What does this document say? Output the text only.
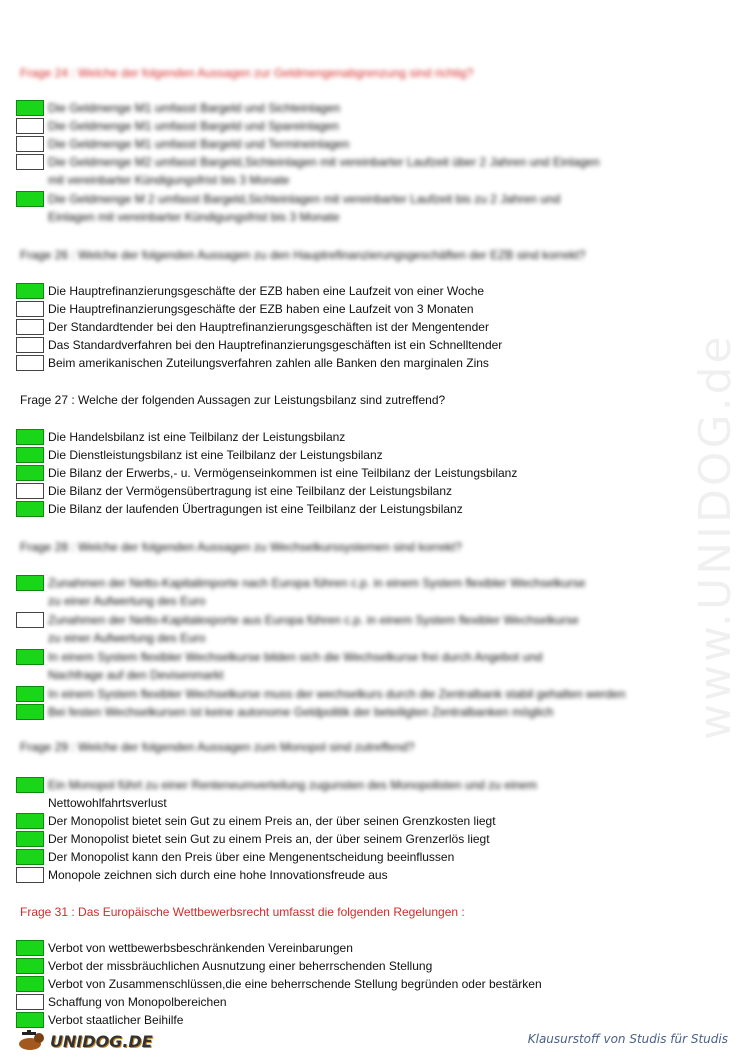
www.UNIDOG.de
Frage 24 : Welche der folgenden Aussagen zur Geldmengenabgrenzung sind richtig?
Die Geldmenge M1 umfasst Bargeld und Sichteinlagen
Die Geldmenge M1 umfasst Bargeld und Spareinlagen
Die Geldmenge M1 umfasst Bargeld und Termineinlagen
Die Geldmenge M2 umfasst Bargeld,Sichteinlagen mit vereinbarter Laufzeit über 2 Jahren und Einlagen
mit vereinbarter Kündigungsfrist bis 3 Monate
Die Geldmenge M 2 umfasst Bargeld,Sichteinlagen mit vereinbarter Laufzeit bis zu 2 Jahren und
Einlagen mit vereinbarter Kündigungsfrist bis 3 Monate
Frage 26 : Welche der folgenden Aussagen zu den Hauptrefinanzierungsgeschäften der EZB sind korrekt?
Die Hauptrefinanzierungsgeschäfte der EZB haben eine Laufzeit von einer Woche
Die Hauptrefinanzierungsgeschäfte der EZB haben eine Laufzeit von 3 Monaten
Der Standardtender bei den Hauptrefinanzierungsgeschäften ist der Mengentender
Das Standardverfahren bei den Hauptrefinanzierungsgeschäften ist ein Schnelltender
Beim amerikanischen Zuteilungsverfahren zahlen alle Banken den marginalen Zins
Frage 27 : Welche der folgenden Aussagen zur Leistungsbilanz sind zutreffend?
Die Handelsbilanz ist eine Teilbilanz der Leistungsbilanz
Die Dienstleistungsbilanz ist eine Teilbilanz der Leistungsbilanz
Die Bilanz der Erwerbs,- u. Vermögenseinkommen ist eine Teilbilanz der Leistungsbilanz
Die Bilanz der Vermögensübertragung ist eine Teilbilanz der Leistungsbilanz
Die Bilanz der laufenden Übertragungen ist eine Teilbilanz der Leistungsbilanz
Frage 28 : Welche der folgenden Aussagen zu Wechselkurssystemen sind korrekt?
Zunahmen der Netto-Kapitalimporte nach Europa führen c.p. in einem System flexibler Wechselkurse
zu einer Aufwertung des Euro
Zunahmen der Netto-Kapitalexporte aus Europa führen c.p. in einem System flexibler Wechselkurse
zu einer Aufwertung des Euro
In einem System flexibler Wechselkurse bilden sich die Wechselkurse frei durch Angebot und
Nachfrage auf den Devisenmarkt
In einem System flexibler Wechselkurse muss der wechselkurs durch die Zentralbank stabil gehalten werden
Bei festen Wechselkursen ist keine autonome Geldpolitik der beteiligten Zentralbanken möglich
Frage 29 : Welche der folgenden Aussagen zum Monopol sind zutreffend?
Ein Monopol führt zu einer Renteneumverteilung zugunsten des Monopolisten und zu einem
Nettowohlfahrtsverlust
Der Monopolist bietet sein Gut zu einem Preis an, der über seinen Grenzkosten liegt
Der Monopolist bietet sein Gut zu einem Preis an, der über seinem Grenzerlös liegt
Der Monopolist kann den Preis über eine Mengenentscheidung beeinflussen
Monopole zeichnen sich durch eine hohe Innovationsfreude aus
Frage 31 : Das Europäische Wettbewerbsrecht umfasst die folgenden Regelungen :
Verbot von wettbewerbsbeschränkenden Vereinbarungen
Verbot der missbräuchlichen Ausnutzung einer beherrschenden Stellung
Verbot von Zusammenschlüssen,die eine beherrschende Stellung begründen oder bestärken
Schaffung von Monopolbereichen
Verbot staatlicher Beihilfe
UNIDOG.DE	Klausurstoff von Studis für Studis
